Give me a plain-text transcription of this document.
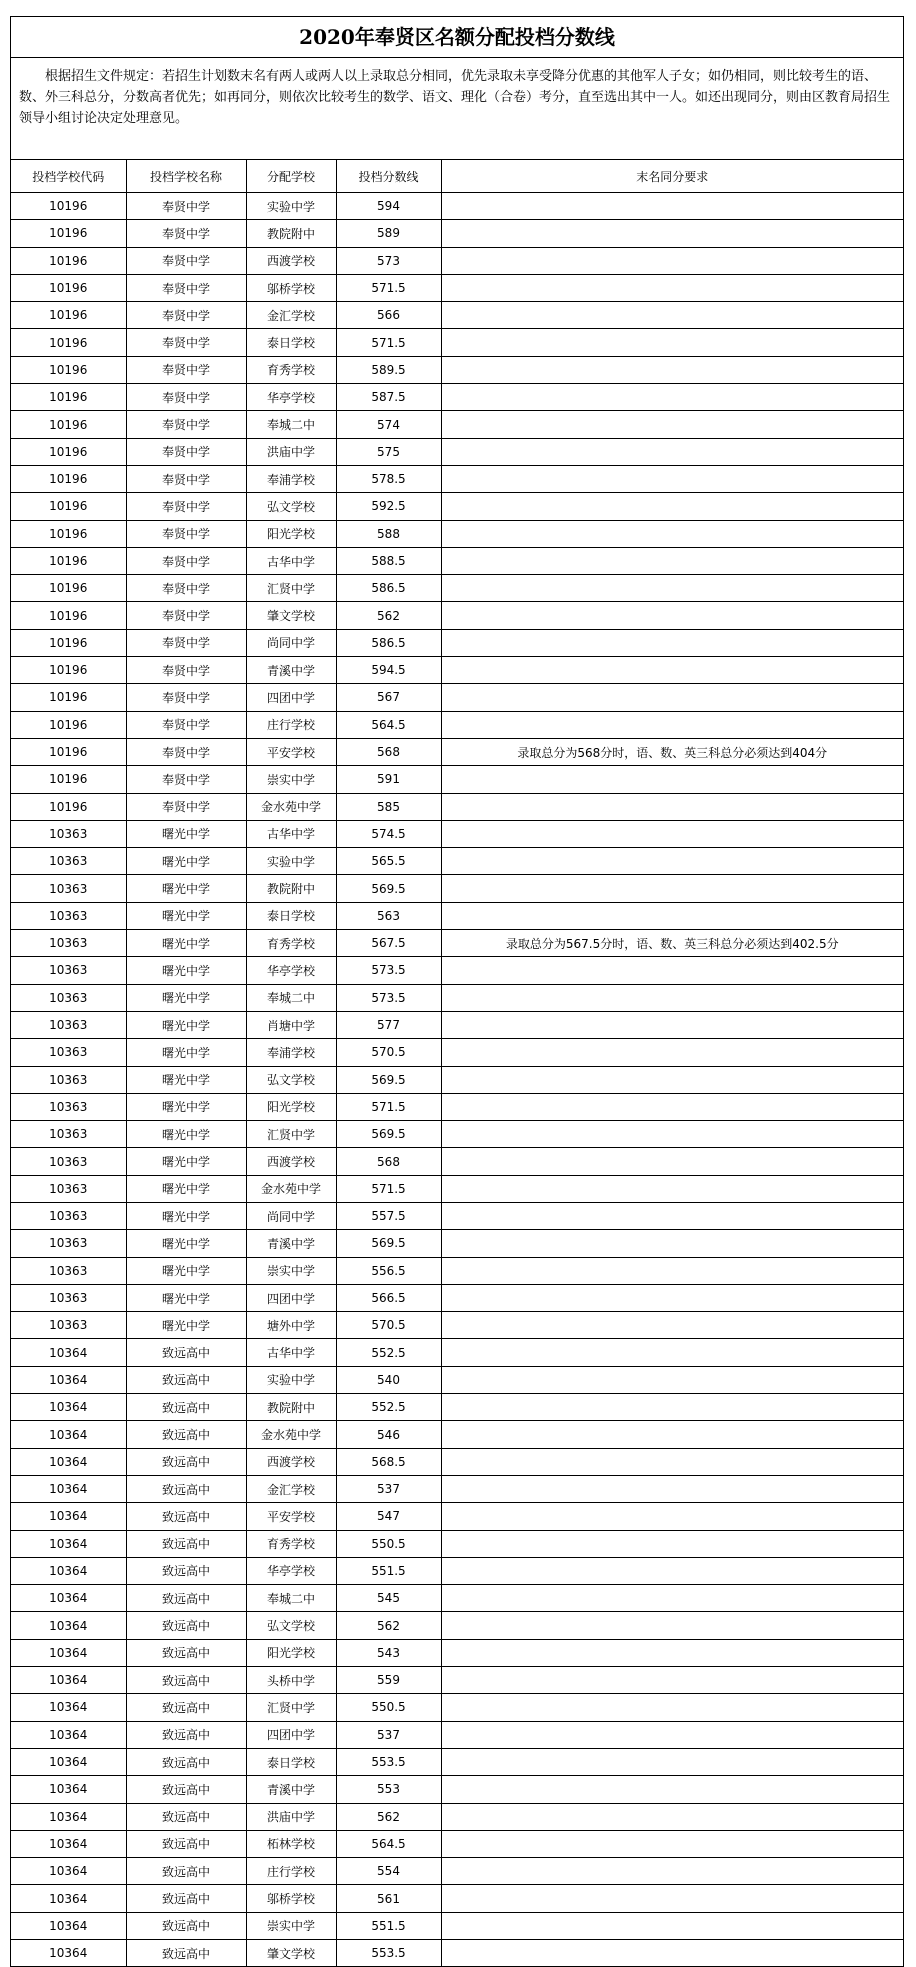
2020年奉贤区名额分配投档分数线
根据招生文件规定：若招生计划数末名有两人或两人以上录取总分相同，优先录取未享受降分优惠的其他军人子女；如仍相同，则比较考生的语、数、外三科总分，分数高者优先；如再同分，则依次比较考生的数学、语文、理化（合卷）考分，直至选出其中一人。如还出现同分，则由区教育局招生领导小组讨论决定处理意见。
投档学校代码	投档学校名称	分配学校	投档分数线	末名同分要求
10196	奉贤中学	实验中学	594	
10196	奉贤中学	教院附中	589	
10196	奉贤中学	西渡学校	573	
10196	奉贤中学	邬桥学校	571.5	
10196	奉贤中学	金汇学校	566	
10196	奉贤中学	泰日学校	571.5	
10196	奉贤中学	育秀学校	589.5	
10196	奉贤中学	华亭学校	587.5	
10196	奉贤中学	奉城二中	574	
10196	奉贤中学	洪庙中学	575	
10196	奉贤中学	奉浦学校	578.5	
10196	奉贤中学	弘文学校	592.5	
10196	奉贤中学	阳光学校	588	
10196	奉贤中学	古华中学	588.5	
10196	奉贤中学	汇贤中学	586.5	
10196	奉贤中学	肇文学校	562	
10196	奉贤中学	尚同中学	586.5	
10196	奉贤中学	青溪中学	594.5	
10196	奉贤中学	四团中学	567	
10196	奉贤中学	庄行学校	564.5	
10196	奉贤中学	平安学校	568	录取总分为568分时，语、数、英三科总分必须达到404分
10196	奉贤中学	崇实中学	591	
10196	奉贤中学	金水苑中学	585	
10363	曙光中学	古华中学	574.5	
10363	曙光中学	实验中学	565.5	
10363	曙光中学	教院附中	569.5	
10363	曙光中学	泰日学校	563	
10363	曙光中学	育秀学校	567.5	录取总分为567.5分时，语、数、英三科总分必须达到402.5分
10363	曙光中学	华亭学校	573.5	
10363	曙光中学	奉城二中	573.5	
10363	曙光中学	肖塘中学	577	
10363	曙光中学	奉浦学校	570.5	
10363	曙光中学	弘文学校	569.5	
10363	曙光中学	阳光学校	571.5	
10363	曙光中学	汇贤中学	569.5	
10363	曙光中学	西渡学校	568	
10363	曙光中学	金水苑中学	571.5	
10363	曙光中学	尚同中学	557.5	
10363	曙光中学	青溪中学	569.5	
10363	曙光中学	崇实中学	556.5	
10363	曙光中学	四团中学	566.5	
10363	曙光中学	塘外中学	570.5	
10364	致远高中	古华中学	552.5	
10364	致远高中	实验中学	540	
10364	致远高中	教院附中	552.5	
10364	致远高中	金水苑中学	546	
10364	致远高中	西渡学校	568.5	
10364	致远高中	金汇学校	537	
10364	致远高中	平安学校	547	
10364	致远高中	育秀学校	550.5	
10364	致远高中	华亭学校	551.5	
10364	致远高中	奉城二中	545	
10364	致远高中	弘文学校	562	
10364	致远高中	阳光学校	543	
10364	致远高中	头桥中学	559	
10364	致远高中	汇贤中学	550.5	
10364	致远高中	四团中学	537	
10364	致远高中	泰日学校	553.5	
10364	致远高中	青溪中学	553	
10364	致远高中	洪庙中学	562	
10364	致远高中	柘林学校	564.5	
10364	致远高中	庄行学校	554	
10364	致远高中	邬桥学校	561	
10364	致远高中	崇实中学	551.5	
10364	致远高中	肇文学校	553.5	
